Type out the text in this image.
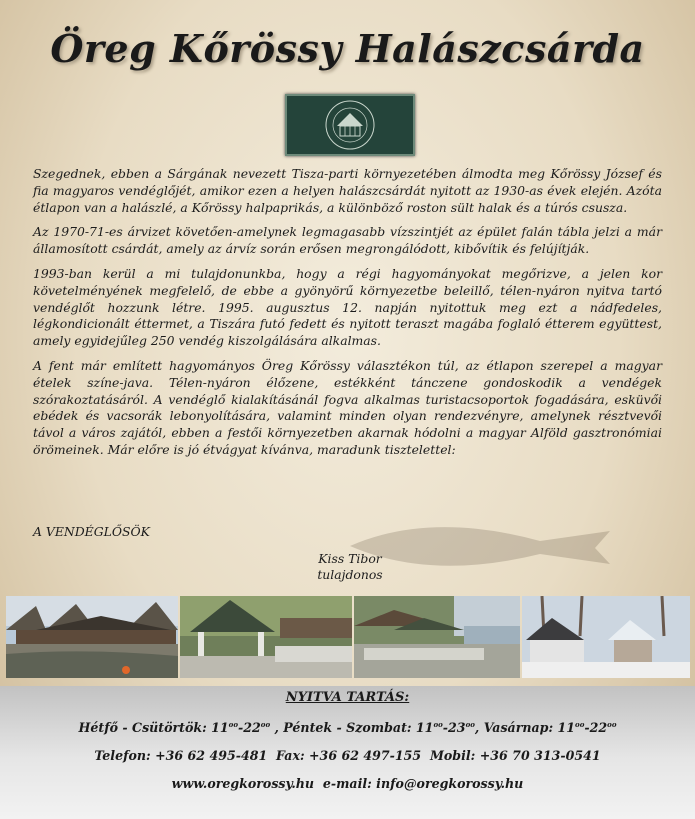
Öreg Kőrössy Halászcsárda

Szegednek, ebben a Sárgának nevezett Tisza-parti környezetében álmodta meg Kőrössy József és fia magyaros vendéglőjét, amikor ezen a helyen halászcsárdát nyitott az 1930-as évek elején. Azóta étlapon van a halászlé, a Kőrössy halpaprikás, a különböző roston sült halak és a túrós csusza.

Az 1970-71-es árvizet követően-amelynek legmagasabb vízszintjét az épület falán tábla jelzi a már államosított csárdát, amely az árvíz során erősen megrongálódott, kibővítik és felújítják.

1993-ban kerül a mi tulajdonunkba, hogy a régi hagyományokat megőrizve, a jelen kor követelményének megfelelő, de ebbe a gyönyörű környezetbe beleillő, télen-nyáron nyitva tartó vendéglőt hozzunk létre. 1995. augusztus 12. napján nyitottuk meg ezt a nádfedeles, légkondicionált éttermet, a Tiszára futó fedett és nyitott teraszt magába foglaló étterem együttest, amely egyidejűleg 250 vendég kiszolgálására alkalmas.

A fent már említett hagyományos Öreg Kőrössy választékon túl, az étlapon szerepel a magyar ételek színe-java. Télen-nyáron élőzene, estékként tánczene gondoskodik a vendégek szórakoztatásáról. A vendéglő kialakításánál fogva alkalmas turistacsoportok fogadására, esküvői ebédek és vacsorák lebonyolítására, valamint minden olyan rendezvényre, amelynek résztvevői távol a város zajától, ebben a festői környezetben akarnak hódolni a magyar Alföld gasztronómiai örömeinek. Már előre is jó étvágyat kívánva, maradunk tisztelettel:

A VENDÉGLŐSÖK
Kiss Tibor
tulajdonos
NYITVA TARTÁS:
Hétfő - Csütörtök: $11^{oo}-22^{oo}$ , Péntek - Szombat: $11^{oo}-23^{oo}$, Vasárnap: $11^{oo}-22^{oo}$
Telefon: +36 62 495-481 Fax: +36 62 497-155 Mobil: +36 70 313-0541
www.oregkorossy.hu e-mail: info@oregkorossy.hu
